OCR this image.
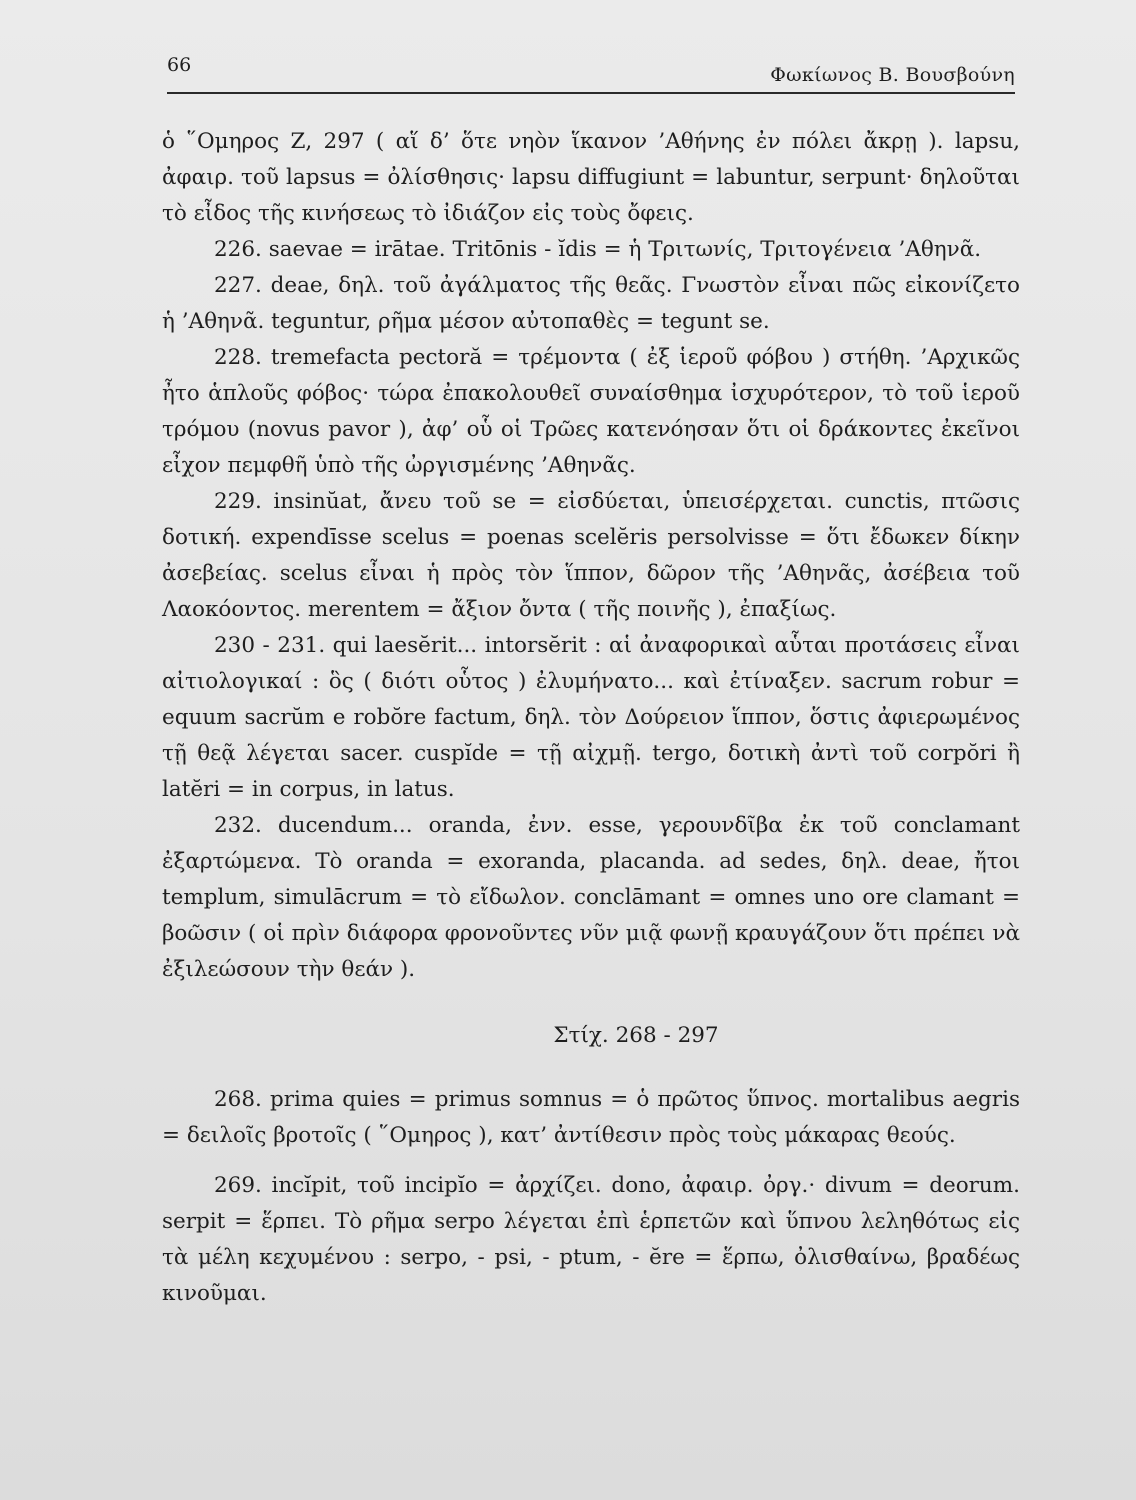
66	Φωκίωνος Β. Βουσβούνη

ὁ ῞Ομηρος Ζ, 297 ( αἵ δ’ ὅτε νηὸν ἵκανον ’Αθήνης ἐν πόλει ἄκρῃ ). lapsu, ἀφαιρ. τοῦ lapsus = ὀλίσθησις· lapsu diffugiunt = labuntur, serpunt· δηλοῦται τὸ εἶδος τῆς κινήσεως τὸ ἰδιάζον εἰς τοὺς ὄφεις.

226. saevae = irātae. Tritōnis - ĭdis = ἡ Τριτωνίς, Τριτογένεια ’Αθηνᾶ.

227. deae, δηλ. τοῦ ἀγάλματος τῆς θεᾶς. Γνωστὸν εἶναι πῶς εἰκονίζετο ἡ ’Αθηνᾶ. teguntur, ρῆμα μέσον αὐτοπαθὲς = tegunt se.

228. tremefacta pectoră = τρέμοντα ( ἐξ ἱεροῦ φόβου ) στήθη. ’Αρχικῶς ἦτο ἁπλοῦς φόβος· τώρα ἐπακολουθεῖ συναίσθημα ἰσχυρότερον, τὸ τοῦ ἱεροῦ τρόμου (novus pavor ), ἀφ’ οὗ οἱ Τρῶες κατενόησαν ὅτι οἱ δράκοντες ἐκεῖνοι εἶχον πεμφθῆ ὑπὸ τῆς ὠργισμένης ’Αθηνᾶς.

229. insinŭat, ἄνευ τοῦ se = εἰσδύεται, ὑπεισέρχεται. cunctis, πτῶσις δοτική. expendīsse scelus = poenas scelĕris persolvisse = ὅτι ἔδωκεν δίκην ἀσεβείας. scelus εἶναι ἡ πρὸς τὸν ἵππον, δῶρον τῆς ’Αθηνᾶς, ἀσέβεια τοῦ Λαοκόοντος. merentem = ἄξιον ὄντα ( τῆς ποινῆς ), ἐπαξίως.

230 - 231. qui laesĕrit... intorsĕrit : αἱ ἀναφορικαὶ αὗται προτάσεις εἶναι αἰτιολογικαί : ὃς ( διότι οὗτος ) ἐλυμήνατο... καὶ ἐτίναξεν. sacrum robur = equum sacrŭm e robŏre factum, δηλ. τὸν Δούρειον ἵππον, ὅστις ἀφιερωμένος τῇ θεᾷ λέγεται sacer. cuspĭde = τῇ αἰχμῇ. tergo, δοτικὴ ἀντὶ τοῦ corpŏri ἢ latĕri = in corpus, in latus.

232. ducendum... oranda, ἐνν. esse, γερουνδῖβα ἐκ τοῦ conclamant ἐξαρτώμενα. Τὸ oranda = exoranda, placanda. ad sedes, δηλ. deae, ἤτοι templum, simulācrum = τὸ εἴδωλον. conclāmant = omnes uno ore clamant = βοῶσιν ( οἱ πρὶν διάφορα φρονοῦντες νῦν μιᾷ φωνῇ κραυγάζουν ὅτι πρέπει νὰ ἐξιλεώσουν τὴν θεάν ).

Στίχ. 268 - 297

268. prima quies = primus somnus = ὁ πρῶτος ὕπνος. mortalibus aegris = δειλοῖς βροτοῖς ( ῞Ομηρος ), κατ’ ἀντίθεσιν πρὸς τοὺς μάκαρας θεούς.

269. incĭpit, τοῦ incipĭo = ἀρχίζει. dono, ἀφαιρ. ὀργ.· divum = deorum. serpit = ἕρπει. Τὸ ρῆμα serpo λέγεται ἐπὶ ἑρπετῶν καὶ ὕπνου λεληθότως εἰς τὰ μέλη κεχυμένου : serpo, - psi, - ptum, - ĕre = ἕρπω, ὀλισθαίνω, βραδέως κινοῦμαι.
